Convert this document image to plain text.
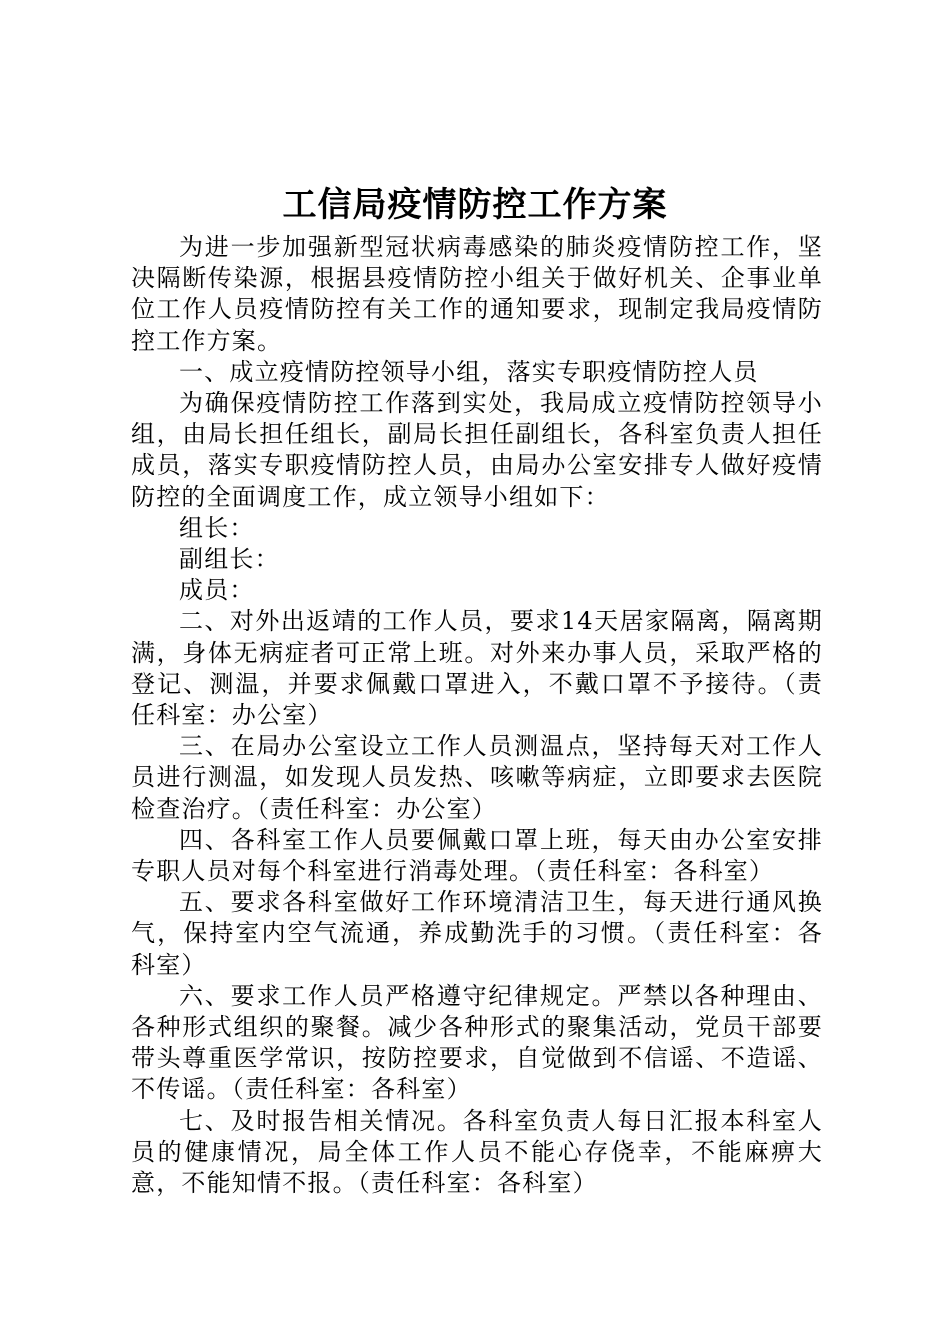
工信局疫情防控工作方案

为进一步加强新型冠状病毒感染的肺炎疫情防控工作，坚决隔断传染源，根据县疫情防控小组关于做好机关、企事业单位工作人员疫情防控有关工作的通知要求，现制定我局疫情防控工作方案。

一、成立疫情防控领导小组，落实专职疫情防控人员

为确保疫情防控工作落到实处，我局成立疫情防控领导小组，由局长担任组长，副局长担任副组长，各科室负责人担任成员，落实专职疫情防控人员，由局办公室安排专人做好疫情防控的全面调度工作，成立领导小组如下：

组长：

副组长：

成员：

二、对外出返靖的工作人员，要求14天居家隔离，隔离期满，身体无病症者可正常上班。对外来办事人员，采取严格的登记、测温，并要求佩戴口罩进入，不戴口罩不予接待。（责任科室：办公室）

三、在局办公室设立工作人员测温点，坚持每天对工作人员进行测温，如发现人员发热、咳嗽等病症，立即要求去医院检查治疗。（责任科室：办公室）

四、各科室工作人员要佩戴口罩上班，每天由办公室安排专职人员对每个科室进行消毒处理。（责任科室：各科室）

五、要求各科室做好工作环境清洁卫生，每天进行通风换气，保持室内空气流通，养成勤洗手的习惯。（责任科室：各科室）

六、要求工作人员严格遵守纪律规定。严禁以各种理由、各种形式组织的聚餐。减少各种形式的聚集活动，党员干部要带头尊重医学常识，按防控要求，自觉做到不信谣、不造谣、不传谣。（责任科室：各科室）

七、及时报告相关情况。各科室负责人每日汇报本科室人员的健康情况，局全体工作人员不能心存侥幸，不能麻痹大意，不能知情不报。（责任科室：各科室）
